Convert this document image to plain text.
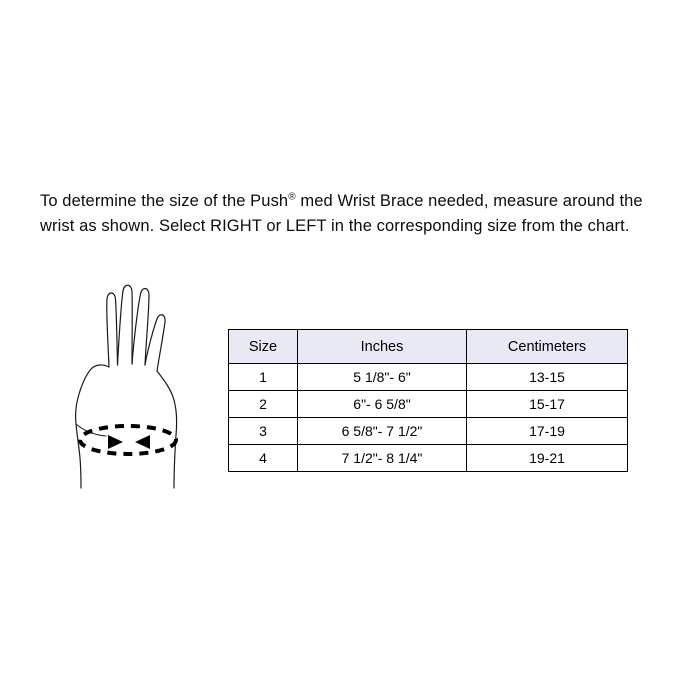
To determine the size of the Push® med Wrist Brace needed, measure around the wrist as shown. Select RIGHT or LEFT in the corresponding size from the chart.

Size	Inches	Centimeters
1	5 1/8"- 6"	13-15
2	6"- 6 5/8"	15-17
3	6 5/8"- 7 1/2"	17-19
4	7 1/2"- 8 1/4"	19-21
